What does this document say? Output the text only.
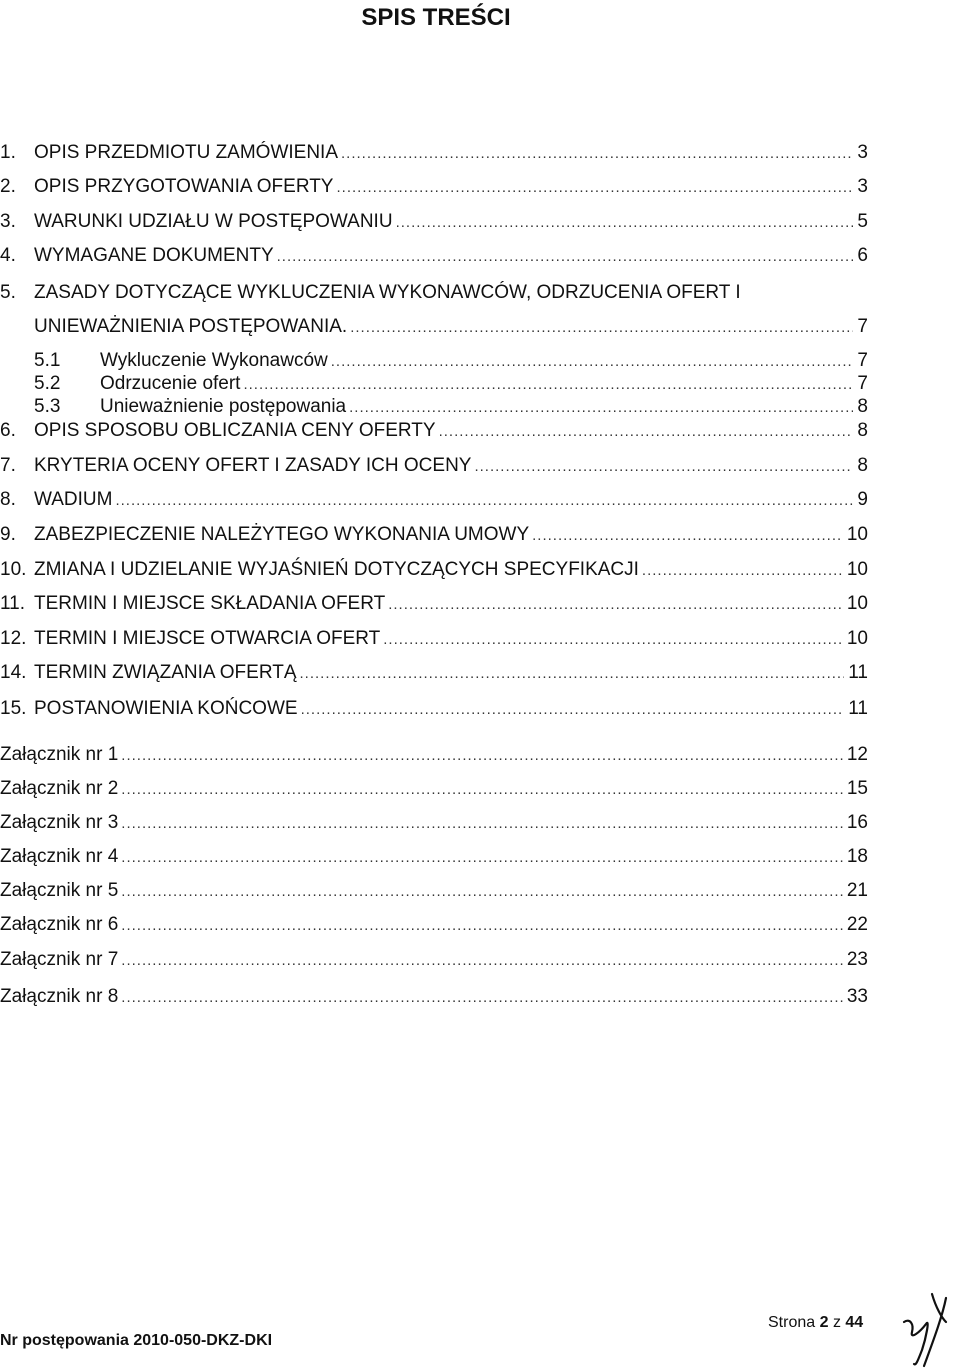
SPIS TREŚCI
1. OPIS PRZEDMIOTU ZAMÓWIENIA .....	3
2. OPIS PRZYGOTOWANIA OFERTY .....	3
3. WARUNKI UDZIAŁU W POSTĘPOWANIU .....	5
4. WYMAGANE DOKUMENTY .....	6
5. ZASADY DOTYCZĄCE WYKLUCZENIA WYKONAWCÓW, ODRZUCENIA OFERT I
UNIEWAŻNIENIA POSTĘPOWANIA. .....	7
5.1	Wykluczenie Wykonawców .....	7
5.2	Odrzucenie ofert .....	7
5.3	Unieważnienie postępowania .....	8
6. OPIS SPOSOBU OBLICZANIA CENY OFERTY .....	8
7. KRYTERIA OCENY OFERT I ZASADY ICH OCENY .....	8
8. WADIUM .....	9
9. ZABEZPIECZENIE NALEŻYTEGO WYKONANIA UMOWY .....	10
10. ZMIANA I UDZIELANIE WYJAŚNIEŃ DOTYCZĄCYCH SPECYFIKACJI .....	10
11. TERMIN I MIEJSCE SKŁADANIA OFERT .....	10
12. TERMIN I MIEJSCE OTWARCIA OFERT .....	10
14. TERMIN ZWIĄZANIA OFERTĄ .....	11
15. POSTANOWIENIA KOŃCOWE .....	11
Załącznik nr 1 .....	12
Załącznik nr 2 .....	15
Załącznik nr 3 .....	16
Załącznik nr 4 .....	18
Załącznik nr 5 .....	21
Załącznik nr 6 .....	22
Załącznik nr 7 .....	23
Załącznik nr 8 .....	33
Nr postępowania 2010-050-DKZ-DKI
Strona 2 z 44
